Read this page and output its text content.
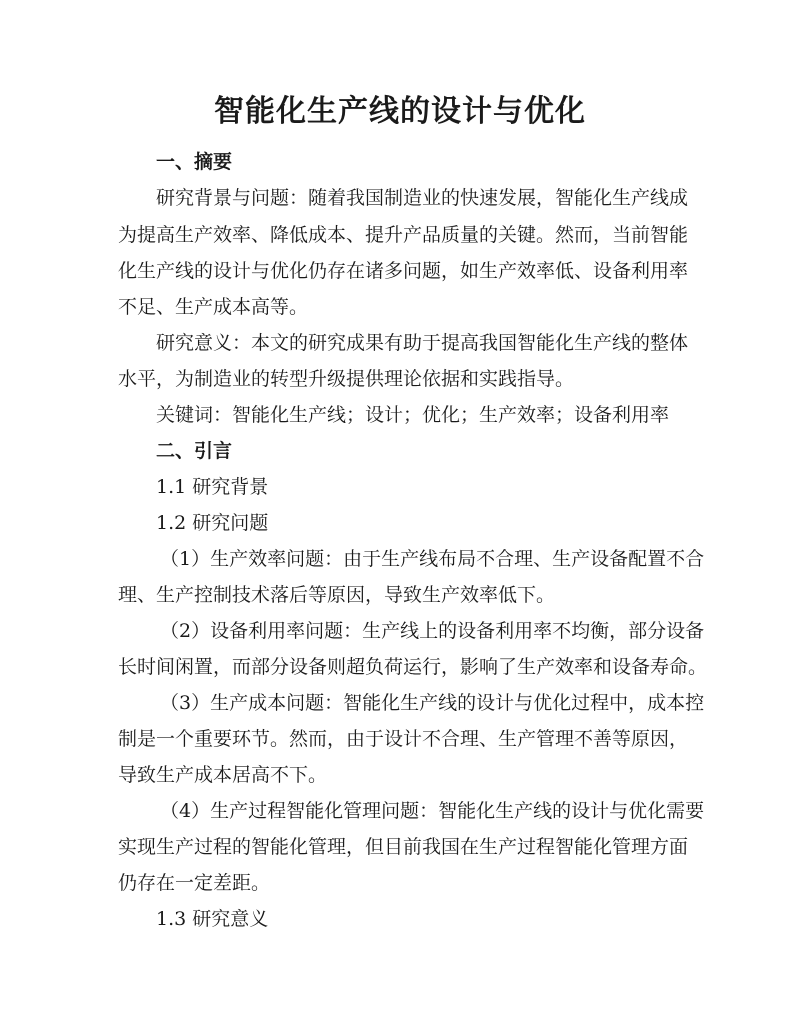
智能化生产线的设计与优化
一、摘要
研究背景与问题：随着我国制造业的快速发展，智能化生产线成
为提高生产效率、降低成本、提升产品质量的关键。然而，当前智能
化生产线的设计与优化仍存在诸多问题，如生产效率低、设备利用率
不足、生产成本高等。
研究意义：本文的研究成果有助于提高我国智能化生产线的整体
水平，为制造业的转型升级提供理论依据和实践指导。
关键词：智能化生产线；设计；优化；生产效率；设备利用率
二、引言
1.1 研究背景
1.2 研究问题
（1）生产效率问题：由于生产线布局不合理、生产设备配置不合
理、生产控制技术落后等原因，导致生产效率低下。
（2）设备利用率问题：生产线上的设备利用率不均衡，部分设备
长时间闲置，而部分设备则超负荷运行，影响了生产效率和设备寿命。
（3）生产成本问题：智能化生产线的设计与优化过程中，成本控
制是一个重要环节。然而，由于设计不合理、生产管理不善等原因，
导致生产成本居高不下。
（4）生产过程智能化管理问题：智能化生产线的设计与优化需要
实现生产过程的智能化管理，但目前我国在生产过程智能化管理方面
仍存在一定差距。
1.3 研究意义
